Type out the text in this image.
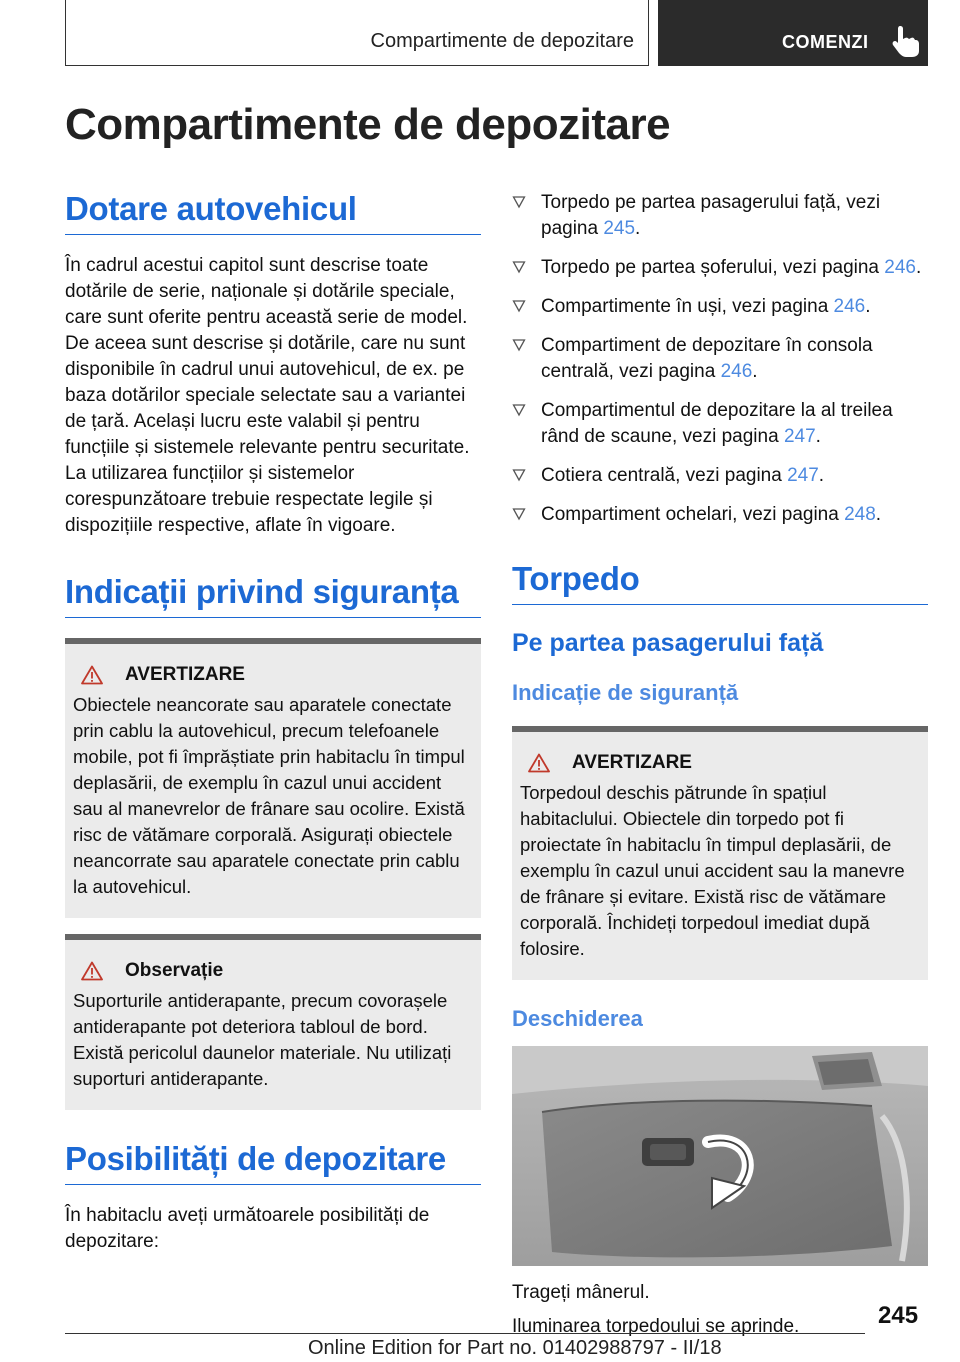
Compartimente de depozitare	COMENZI
Compartimente de depozitare
Dotare autovehicul

În cadrul acestui capitol sunt descrise toate dotările de serie, naționale și dotările speciale, care sunt oferite pentru această serie de model. De aceea sunt descrise și dotările, care nu sunt disponibile în cadrul unui autovehicul, de ex. pe baza dotărilor speciale selectate sau a variantei de țară. Același lucru este valabil și pentru funcțiile și sistemele relevante pentru securitate. La utilizarea funcțiilor și sistemelor corespunzătoare trebuie respectate legile și dispozițiile respective, aflate în vigoare.

Indicații privind siguranța
AVERTIZARE

Obiectele neancorate sau aparatele conectate prin cablu la autovehicul, precum telefoanele mobile, pot fi împrăștiate prin habitaclu în timpul deplasării, de exemplu în cazul unui accident sau al manevrelor de frânare sau ocolire. Există risc de vătămare corporală. Asigurați obiectele neancorrate sau aparatele conectate prin cablu la autovehicul.

Observație

Suporturile antiderapante, precum covorașele antiderapante pot deteriora tabloul de bord. Există pericolul daunelor materiale. Nu utilizați suporturi antiderapante.

Posibilități de depozitare

În habitaclu aveți următoarele posibilități de depozitare:

Torpedo pe partea pasagerului față, vezi pagina 245.
Torpedo pe partea șoferului, vezi pagina 246.
Compartimente în uși, vezi pagina 246.
Compartiment de depozitare în consola centrală, vezi pagina 246.
Compartimentul de depozitare la al treilea rând de scaune, vezi pagina 247.
Cotiera centrală, vezi pagina 247.
Compartiment ochelari, vezi pagina 248.
Torpedo
Pe partea pasagerului față
Indicație de siguranță
AVERTIZARE

Torpedoul deschis pătrunde în spațiul habitaclului. Obiectele din torpedo pot fi proiectate în habitaclu în timpul deplasării, de exemplu în cazul unui accident sau la manevre de frânare și evitare. Există risc de vătămare corporală. Închideți torpedoul imediat după folosire.

Deschiderea

Trageți mânerul.

Iluminarea torpedoului se aprinde.	245
Online Edition for Part no. 01402988797 - II/18
